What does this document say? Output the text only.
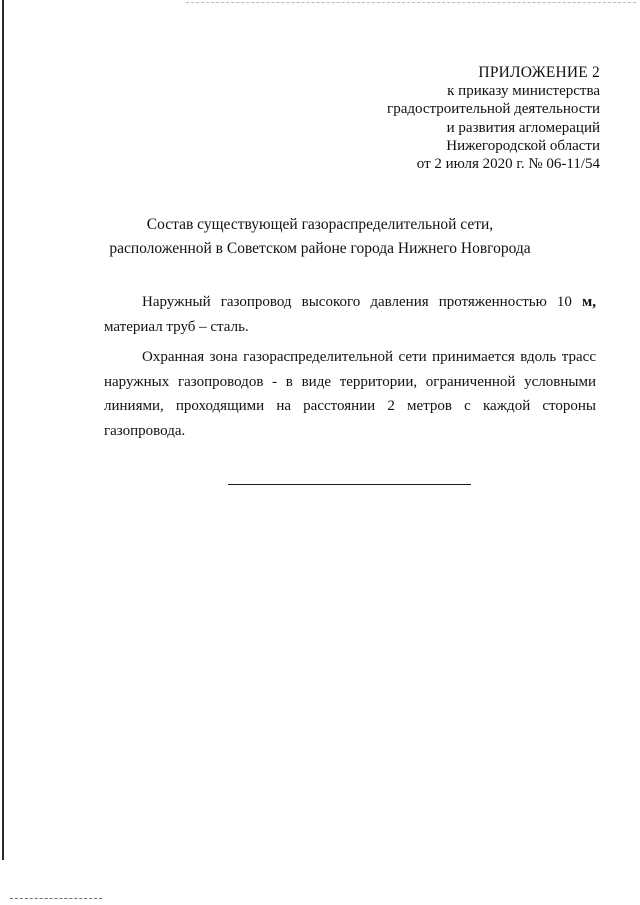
ПРИЛОЖЕНИЕ 2
к приказу министерства
градостроительной деятельности
и развития агломераций
Нижегородской области
от 2 июля 2020 г. № 06-11/54
Состав существующей газораспределительной сети,
расположенной в Советском районе города Нижнего Новгорода

Наружный газопровод высокого давления протяженностью 10 м, материал труб – сталь.

Охранная зона газораспределительной сети принимается вдоль трасс наружных газопроводов - в виде территории, ограниченной условными линиями, проходящими на расстоянии 2 метров с каждой стороны газопровода.
